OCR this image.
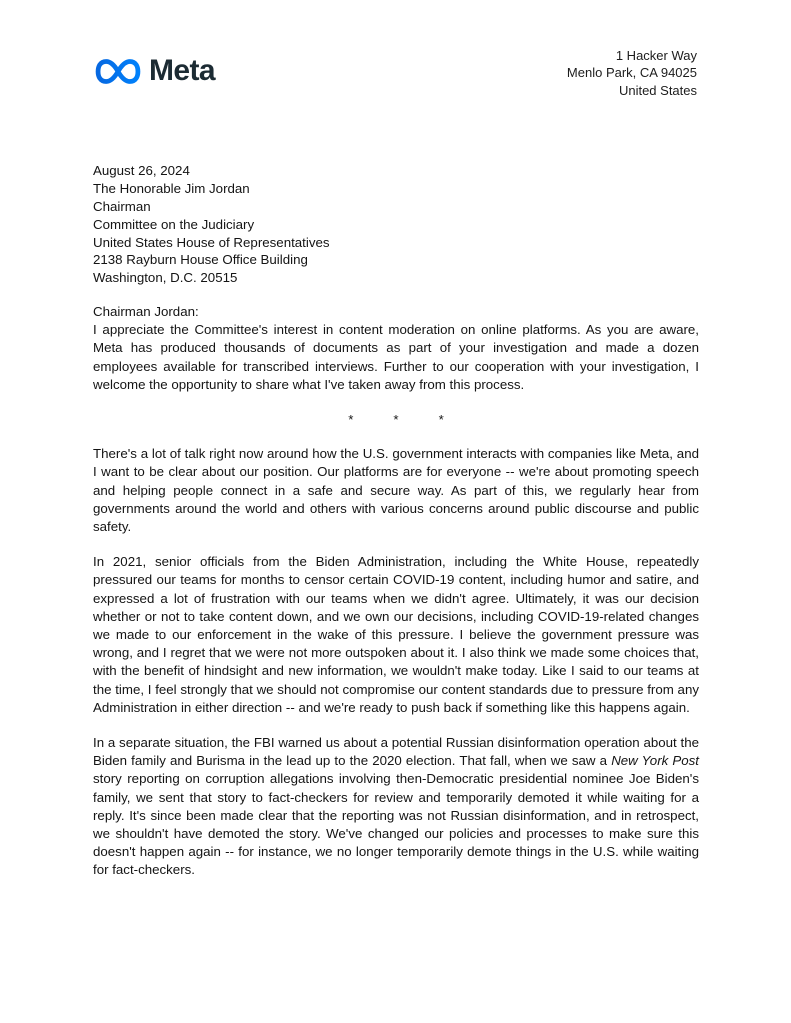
Meta	1 Hacker Way
Menlo Park, CA 94025
United States

August 26, 2024

The Honorable Jim Jordan
Chairman
Committee on the Judiciary
United States House of Representatives
2138 Rayburn House Office Building
Washington, D.C. 20515

Chairman Jordan:

I appreciate the Committee's interest in content moderation on online platforms. As you are aware, Meta has produced thousands of documents as part of your investigation and made a dozen employees available for transcribed interviews. Further to our cooperation with your investigation, I welcome the opportunity to share what I've taken away from this process.

*	*	*

There's a lot of talk right now around how the U.S. government interacts with companies like Meta, and I want to be clear about our position. Our platforms are for everyone -- we're about promoting speech and helping people connect in a safe and secure way. As part of this, we regularly hear from governments around the world and others with various concerns around public discourse and public safety.

In 2021, senior officials from the Biden Administration, including the White House, repeatedly pressured our teams for months to censor certain COVID-19 content, including humor and satire, and expressed a lot of frustration with our teams when we didn't agree. Ultimately, it was our decision whether or not to take content down, and we own our decisions, including COVID-19-related changes we made to our enforcement in the wake of this pressure. I believe the government pressure was wrong, and I regret that we were not more outspoken about it. I also think we made some choices that, with the benefit of hindsight and new information, we wouldn't make today. Like I said to our teams at the time, I feel strongly that we should not compromise our content standards due to pressure from any Administration in either direction -- and we're ready to push back if something like this happens again.

In a separate situation, the FBI warned us about a potential Russian disinformation operation about the Biden family and Burisma in the lead up to the 2020 election. That fall, when we saw a New York Post story reporting on corruption allegations involving then-Democratic presidential nominee Joe Biden's family, we sent that story to fact-checkers for review and temporarily demoted it while waiting for a reply. It's since been made clear that the reporting was not Russian disinformation, and in retrospect, we shouldn't have demoted the story. We've changed our policies and processes to make sure this doesn't happen again -- for instance, we no longer temporarily demote things in the U.S. while waiting for fact-checkers.
